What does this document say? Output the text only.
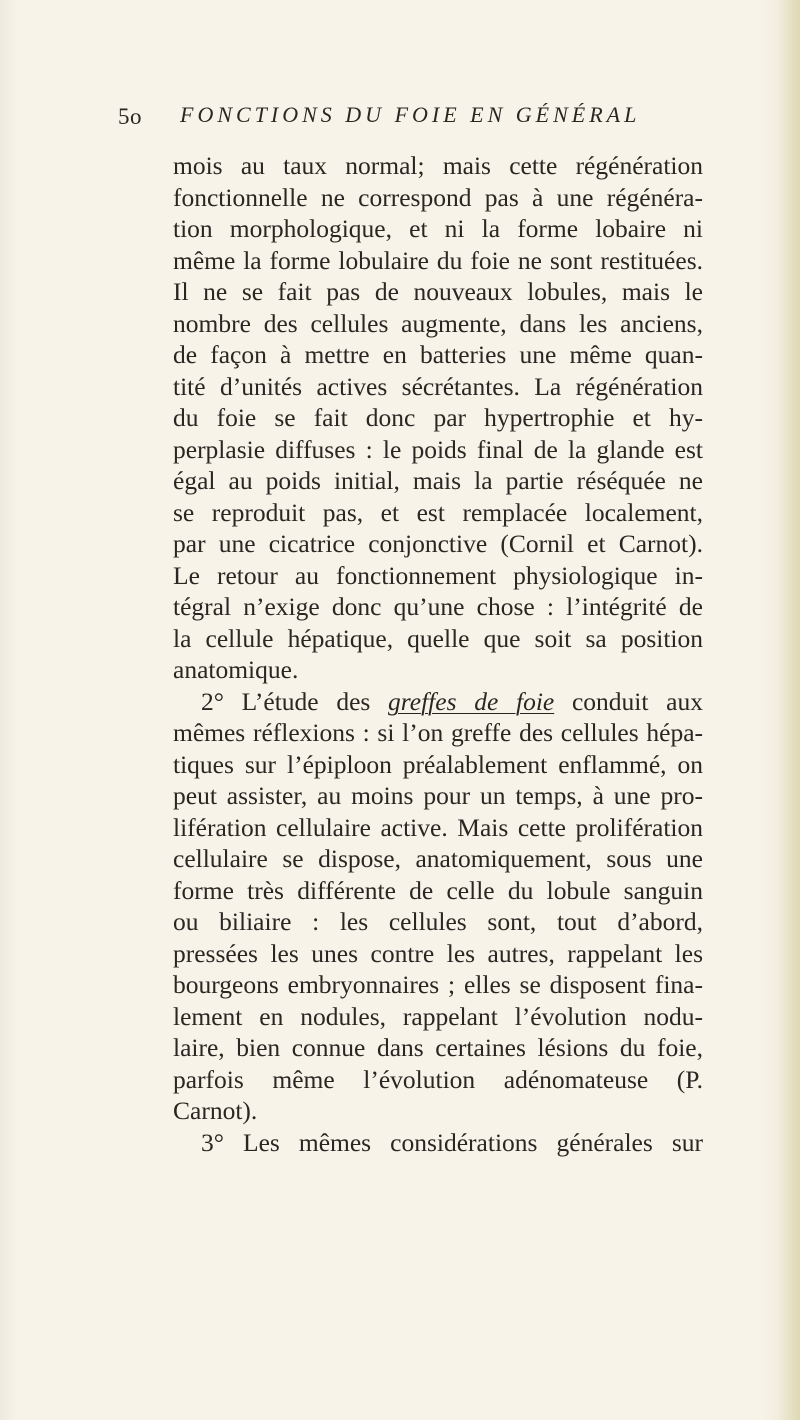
5o FONCTIONS DU FOIE EN GÉNÉRAL
mois au taux normal; mais cette régénération
fonctionnelle ne correspond pas à une régénéra-
tion morphologique, et ni la forme lobaire ni
même la forme lobulaire du foie ne sont restituées.
Il ne se fait pas de nouveaux lobules, mais le
nombre des cellules augmente, dans les anciens,
de façon à mettre en batteries une même quan-
tité d’unités actives sécrétantes. La régénération
du foie se fait donc par hypertrophie et hy-
perplasie diffuses : le poids final de la glande est
égal au poids initial, mais la partie réséquée ne
se reproduit pas, et est remplacée localement,
par une cicatrice conjonctive (Cornil et Carnot).
Le retour au fonctionnement physiologique in-
tégral n’exige donc qu’une chose : l’intégrité de
la cellule hépatique, quelle que soit sa position
anatomique.
2° L’étude des greffes de foie conduit aux
mêmes réflexions : si l’on greffe des cellules hépa-
tiques sur l’épiploon préalablement enflammé, on
peut assister, au moins pour un temps, à une pro-
lifération cellulaire active. Mais cette prolifération
cellulaire se dispose, anatomiquement, sous une
forme très différente de celle du lobule sanguin
ou biliaire : les cellules sont, tout d’abord,
pressées les unes contre les autres, rappelant les
bourgeons embryonnaires ; elles se disposent fina-
lement en nodules, rappelant l’évolution nodu-
laire, bien connue dans certaines lésions du foie,
parfois même l’évolution adénomateuse (P.
Carnot).
3° Les mêmes considérations générales sur
